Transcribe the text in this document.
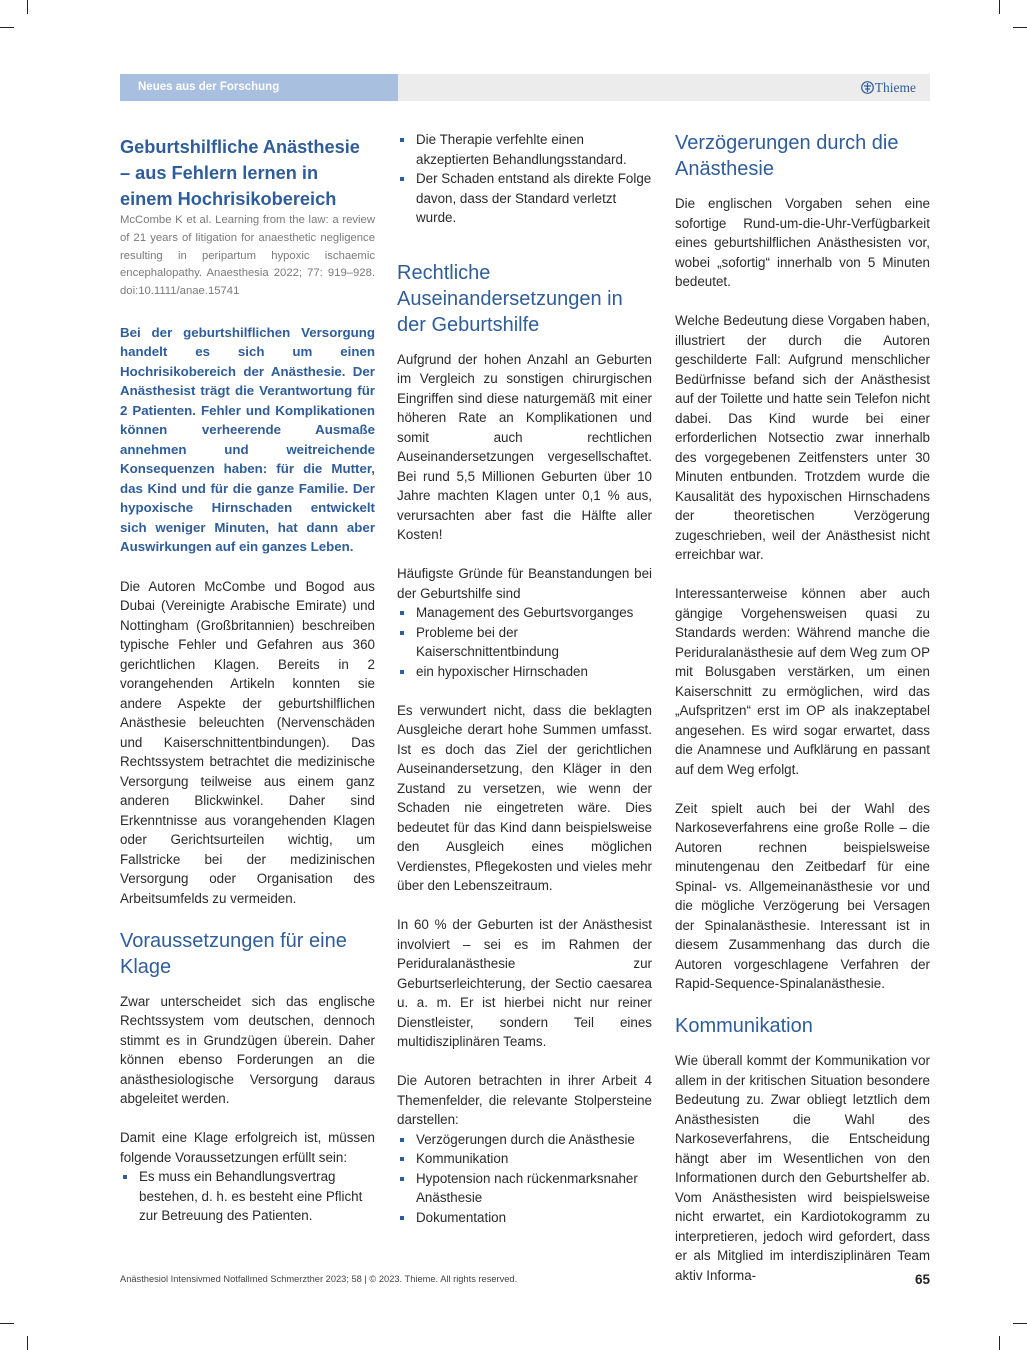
Neues aus der Forschung	Thieme
Geburtshilfliche Anästhesie – aus Fehlern lernen in einem Hochrisikobereich

McCombe K et al. Learning from the law: a review of 21 years of litigation for anaesthetic negligence resulting in peripartum hypoxic ischaemic encephalopathy. Anaesthesia 2022; 77: 919–928. doi:10.1111/anae.15741

Bei der geburtshilflichen Versorgung handelt es sich um einen Hochrisikobereich der Anästhesie. Der Anästhesist trägt die Verantwortung für 2 Patienten. Fehler und Komplikationen können verheerende Ausmaße annehmen und weitreichende Konsequenzen haben: für die Mutter, das Kind und für die ganze Familie. Der hypoxische Hirnschaden entwickelt sich weniger Minuten, hat dann aber Auswirkungen auf ein ganzes Leben.

Die Autoren McCombe und Bogod aus Dubai (Vereinigte Arabische Emirate) und Nottingham (Großbritannien) beschreiben typische Fehler und Gefahren aus 360 gerichtlichen Klagen. Bereits in 2 vorangehenden Artikeln konnten sie andere Aspekte der geburtshilflichen Anästhesie beleuchten (Nervenschäden und Kaiserschnittentbindungen). Das Rechtssystem betrachtet die medizinische Versorgung teilweise aus einem ganz anderen Blickwinkel. Daher sind Erkenntnisse aus vorangehenden Klagen oder Gerichtsurteilen wichtig, um Fallstricke bei der medizinischen Versorgung oder Organisation des Arbeitsumfelds zu vermeiden.

Voraussetzungen für eine Klage

Zwar unterscheidet sich das englische Rechtssystem vom deutschen, dennoch stimmt es in Grundzügen überein. Daher können ebenso Forderungen an die anästhesiologische Versorgung daraus abgeleitet werden.

Damit eine Klage erfolgreich ist, müssen folgende Voraussetzungen erfüllt sein:

Es muss ein Behandlungsvertrag bestehen, d. h. es besteht eine Pflicht zur Betreuung des Patienten.
Die Therapie verfehlte einen akzeptierten Behandlungsstandard.
Der Schaden entstand als direkte Folge davon, dass der Standard verletzt wurde.
Rechtliche Auseinandersetzungen in der Geburtshilfe

Aufgrund der hohen Anzahl an Geburten im Vergleich zu sonstigen chirurgischen Eingriffen sind diese naturgemäß mit einer höheren Rate an Komplikationen und somit auch rechtlichen Auseinandersetzungen vergesellschaftet. Bei rund 5,5 Millionen Geburten über 10 Jahre machten Klagen unter 0,1 % aus, verursachten aber fast die Hälfte aller Kosten!

Häufigste Gründe für Beanstandungen bei der Geburtshilfe sind

Management des Geburtsvorganges
Probleme bei der Kaiserschnittentbindung
ein hypoxischer Hirnschaden

Es verwundert nicht, dass die beklagten Ausgleiche derart hohe Summen umfasst. Ist es doch das Ziel der gerichtlichen Auseinandersetzung, den Kläger in den Zustand zu versetzen, wie wenn der Schaden nie eingetreten wäre. Dies bedeutet für das Kind dann beispielsweise den Ausgleich eines möglichen Verdienstes, Pflegekosten und vieles mehr über den Lebenszeitraum.

In 60 % der Geburten ist der Anästhesist involviert – sei es im Rahmen der Periduralanästhesie zur Geburtserleichterung, der Sectio caesarea u. a. m. Er ist hierbei nicht nur reiner Dienstleister, sondern Teil eines multidisziplinären Teams.

Die Autoren betrachten in ihrer Arbeit 4 Themenfelder, die relevante Stolpersteine darstellen:

Verzögerungen durch die Anästhesie
Kommunikation
Hypotension nach rückenmarksnaher Anästhesie
Dokumentation
Verzögerungen durch die Anästhesie

Die englischen Vorgaben sehen eine sofortige Rund-um-die-Uhr-Verfügbarkeit eines geburtshilflichen Anästhesisten vor, wobei „sofortig“ innerhalb von 5 Minuten bedeutet.

Welche Bedeutung diese Vorgaben haben, illustriert der durch die Autoren geschilderte Fall: Aufgrund menschlicher Bedürfnisse befand sich der Anästhesist auf der Toilette und hatte sein Telefon nicht dabei. Das Kind wurde bei einer erforderlichen Notsectio zwar innerhalb des vorgegebenen Zeitfensters unter 30 Minuten entbunden. Trotzdem wurde die Kausalität des hypoxischen Hirnschadens der theoretischen Verzögerung zugeschrieben, weil der Anästhesist nicht erreichbar war.

Interessanterweise können aber auch gängige Vorgehensweisen quasi zu Standards werden: Während manche die Periduralanästhesie auf dem Weg zum OP mit Bolusgaben verstärken, um einen Kaiserschnitt zu ermöglichen, wird das „Aufspritzen“ erst im OP als inakzeptabel angesehen. Es wird sogar erwartet, dass die Anamnese und Aufklärung en passant auf dem Weg erfolgt.

Zeit spielt auch bei der Wahl des Narkoseverfahrens eine große Rolle – die Autoren rechnen beispielsweise minutengenau den Zeitbedarf für eine Spinal- vs. Allgemeinanästhesie vor und die mögliche Verzögerung bei Versagen der Spinalanästhesie. Interessant ist in diesem Zusammenhang das durch die Autoren vorgeschlagene Verfahren der Rapid-Sequence-Spinalanästhesie.

Kommunikation

Wie überall kommt der Kommunikation vor allem in der kritischen Situation besondere Bedeutung zu. Zwar obliegt letztlich dem Anästhesisten die Wahl des Narkoseverfahrens, die Entscheidung hängt aber im Wesentlichen von den Informationen durch den Geburtshelfer ab. Vom Anästhesisten wird beispielsweise nicht erwartet, ein Kardiotokogramm zu interpretieren, jedoch wird gefordert, dass er als Mitglied im interdisziplinären Team aktiv Informa-

Anästhesiol Intensivmed Notfallmed Schmerzther 2023; 58 | © 2023. Thieme. All rights reserved.	65
